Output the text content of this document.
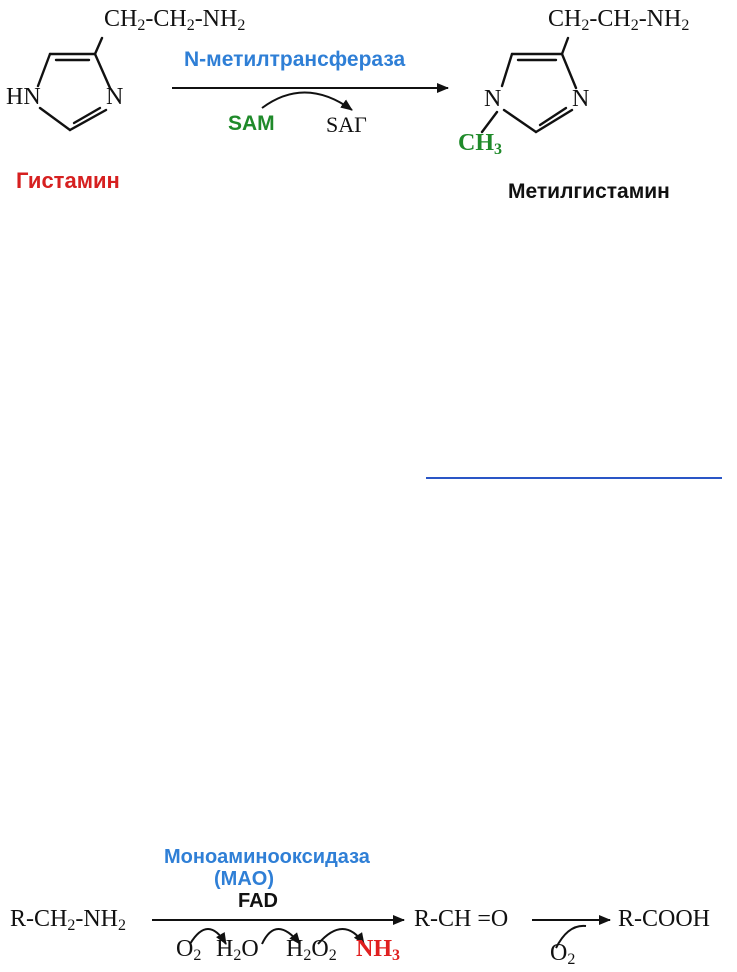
$CH_2-CH_2-NH_2$
HN	N
Гистамин
N-метилтрансфераза
SAM SAГ
$CH_2-CH_2-NH_2$
N	N
$CH_3$
Метилгистамин
Моноаминооксидаза
(MAO)
FAD
$R-CH_2-NH_2$
$O_2$ $H_2O$ $H_2O_2$ $NH_3$
R-CH =O
$O_2$
R-COOH
